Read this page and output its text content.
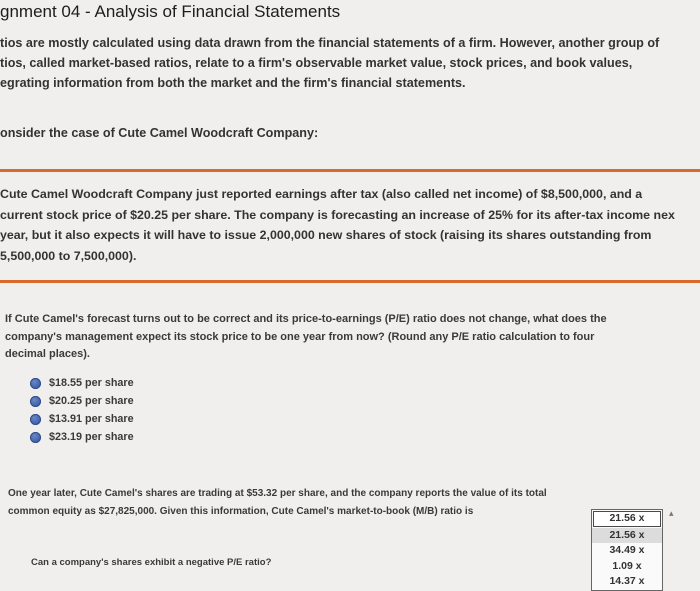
gnment 04 - Analysis of Financial Statements
tios are mostly calculated using data drawn from the financial statements of a firm. However, another group of
tios, called market-based ratios, relate to a firm's observable market value, stock prices, and book values,
egrating information from both the market and the firm's financial statements.
onsider the case of Cute Camel Woodcraft Company:
Cute Camel Woodcraft Company just reported earnings after tax (also called net income) of $8,500,000, and a
current stock price of $20.25 per share. The company is forecasting an increase of 25% for its after-tax income nex
year, but it also expects it will have to issue 2,000,000 new shares of stock (raising its shares outstanding from
5,500,000 to 7,500,000).
If Cute Camel's forecast turns out to be correct and its price-to-earnings (P/E) ratio does not change, what does the
company's management expect its stock price to be one year from now? (Round any P/E ratio calculation to four
decimal places).
$18.55 per share
$20.25 per share
$13.91 per share
$23.19 per share
One year later, Cute Camel's shares are trading at $53.32 per share, and the company reports the value of its total
common equity as $27,825,000. Given this information, Cute Camel's market-to-book (M/B) ratio is
21.56 x
21.56 x
34.49 x
1.09 x
14.37 x
▴
Can a company's shares exhibit a negative P/E ratio?
